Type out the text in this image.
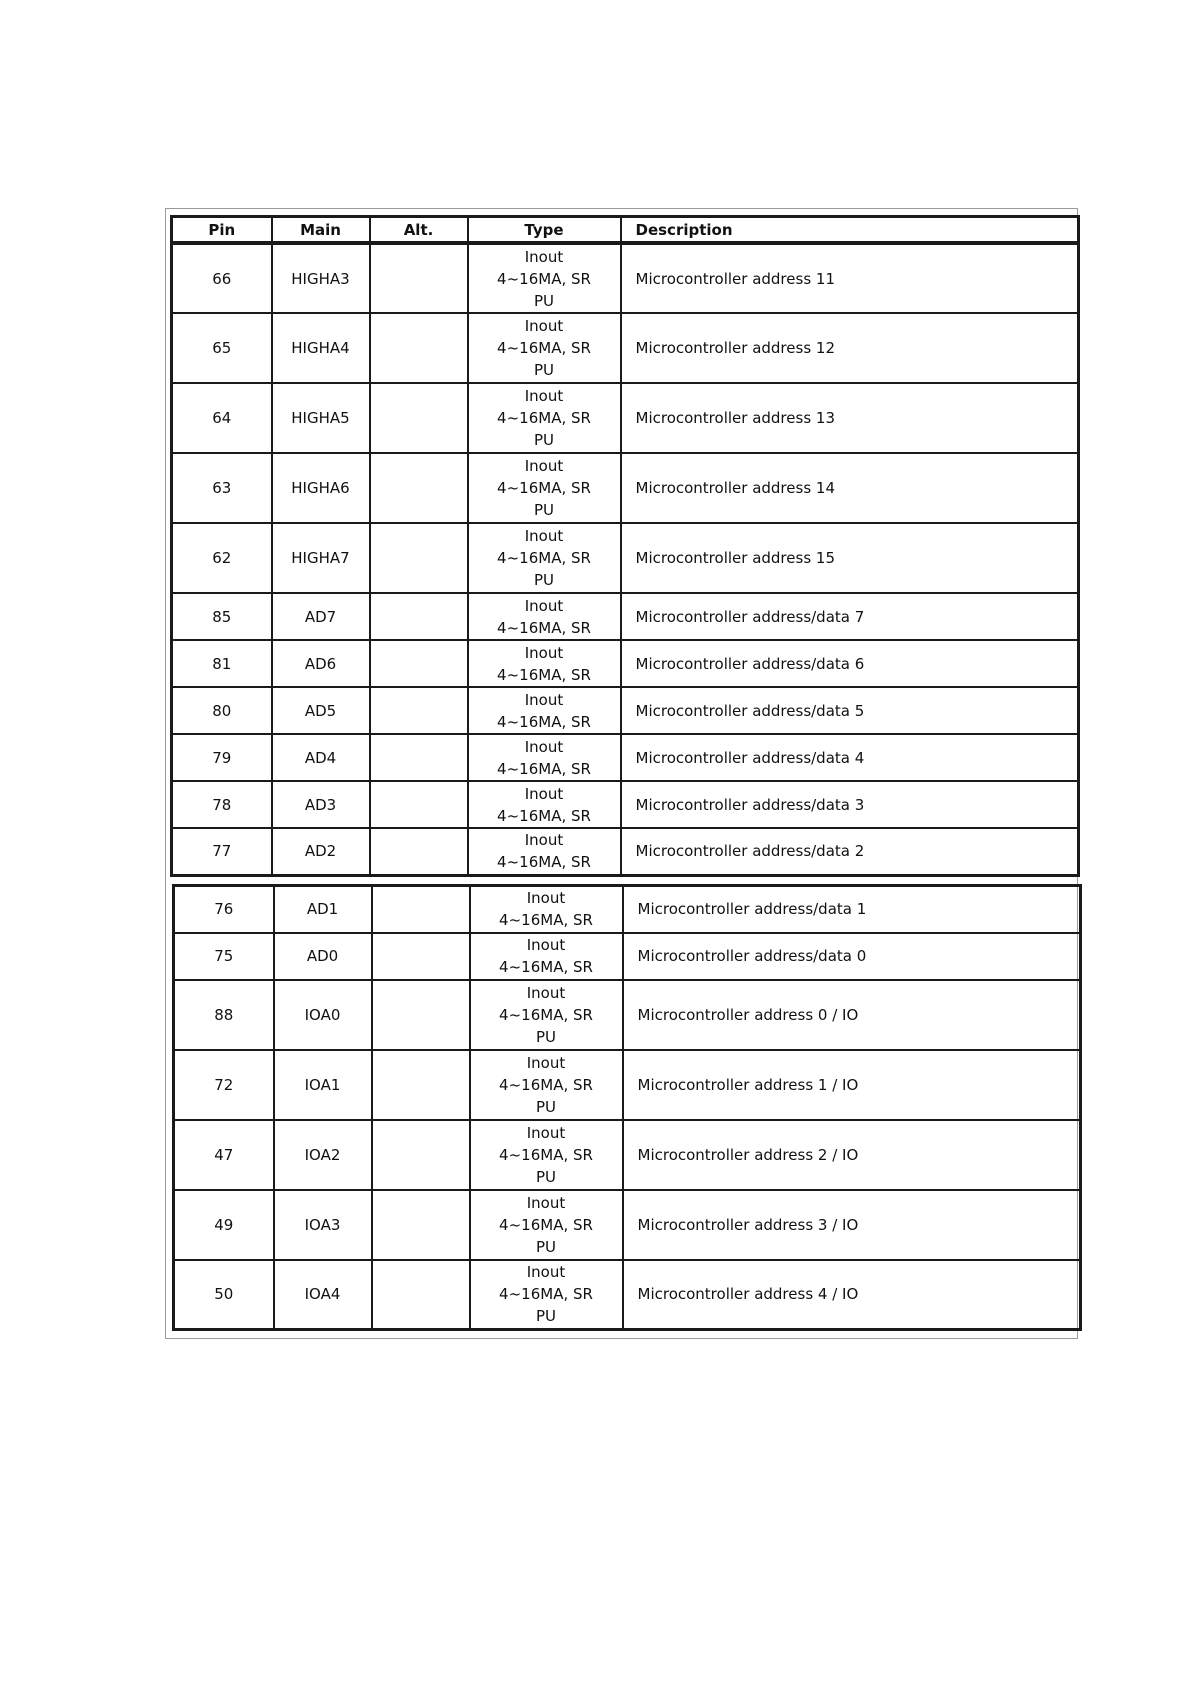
Pin	Main	Alt.	Type	Description
66	HIGHA3		Inout
4~16MA, SR
PU	Microcontroller address 11
65	HIGHA4		Inout
4~16MA, SR
PU	Microcontroller address 12
64	HIGHA5		Inout
4~16MA, SR
PU	Microcontroller address 13
63	HIGHA6		Inout
4~16MA, SR
PU	Microcontroller address 14
62	HIGHA7		Inout
4~16MA, SR
PU	Microcontroller address 15
85	AD7		Inout
4~16MA, SR	Microcontroller address/data 7
81	AD6		Inout
4~16MA, SR	Microcontroller address/data 6
80	AD5		Inout
4~16MA, SR	Microcontroller address/data 5
79	AD4		Inout
4~16MA, SR	Microcontroller address/data 4
78	AD3		Inout
4~16MA, SR	Microcontroller address/data 3
77	AD2		Inout
4~16MA, SR	Microcontroller address/data 2
76	AD1		Inout
4~16MA, SR	Microcontroller address/data 1
75	AD0		Inout
4~16MA, SR	Microcontroller address/data 0
88	IOA0		Inout
4~16MA, SR
PU	Microcontroller address 0 / IO
72	IOA1		Inout
4~16MA, SR
PU	Microcontroller address 1 / IO
47	IOA2		Inout
4~16MA, SR
PU	Microcontroller address 2 / IO
49	IOA3		Inout
4~16MA, SR
PU	Microcontroller address 3 / IO
50	IOA4		Inout
4~16MA, SR
PU	Microcontroller address 4 / IO
